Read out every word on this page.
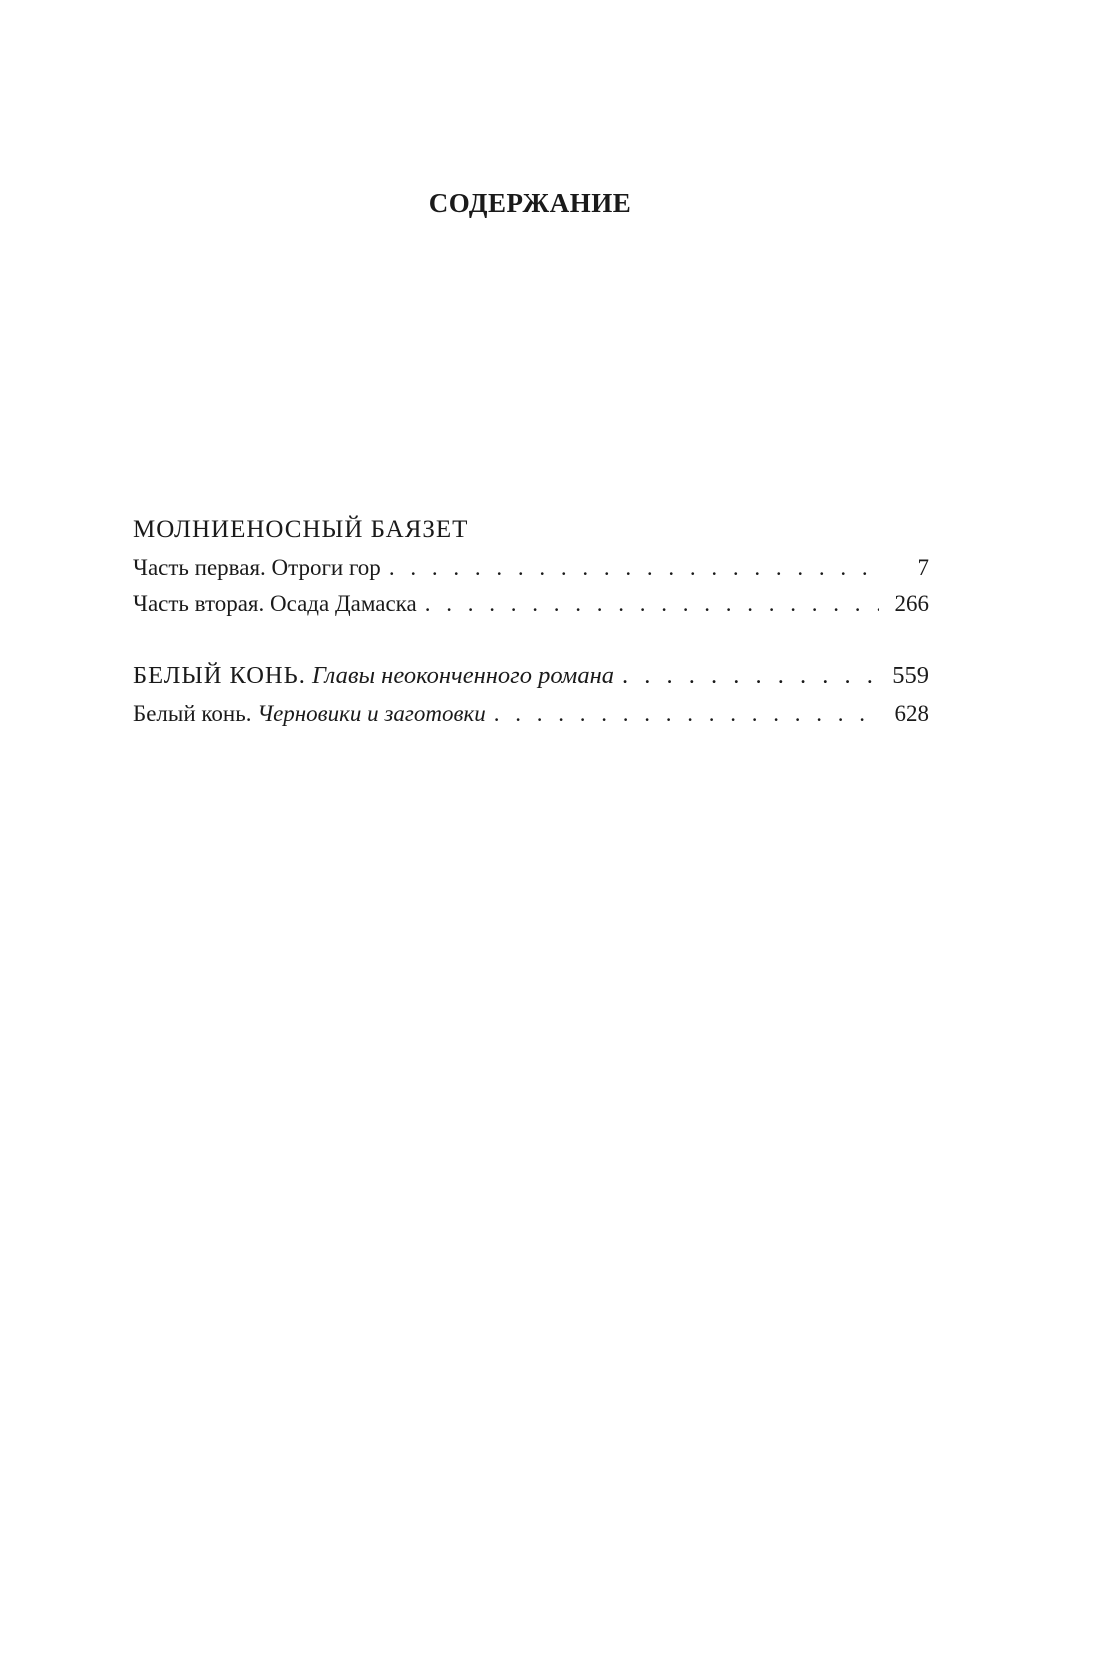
СОДЕРЖАНИЕ
МОЛНИЕНОСНЫЙ БАЯЗЕТ
Часть первая. Отроги гор . . .	7
Часть вторая. Осада Дамаска . . .	266
БЕЛЫЙ КОНЬ. Главы неоконченного романа . . .	559
Белый конь. Черновики и заготовки . . .	628
